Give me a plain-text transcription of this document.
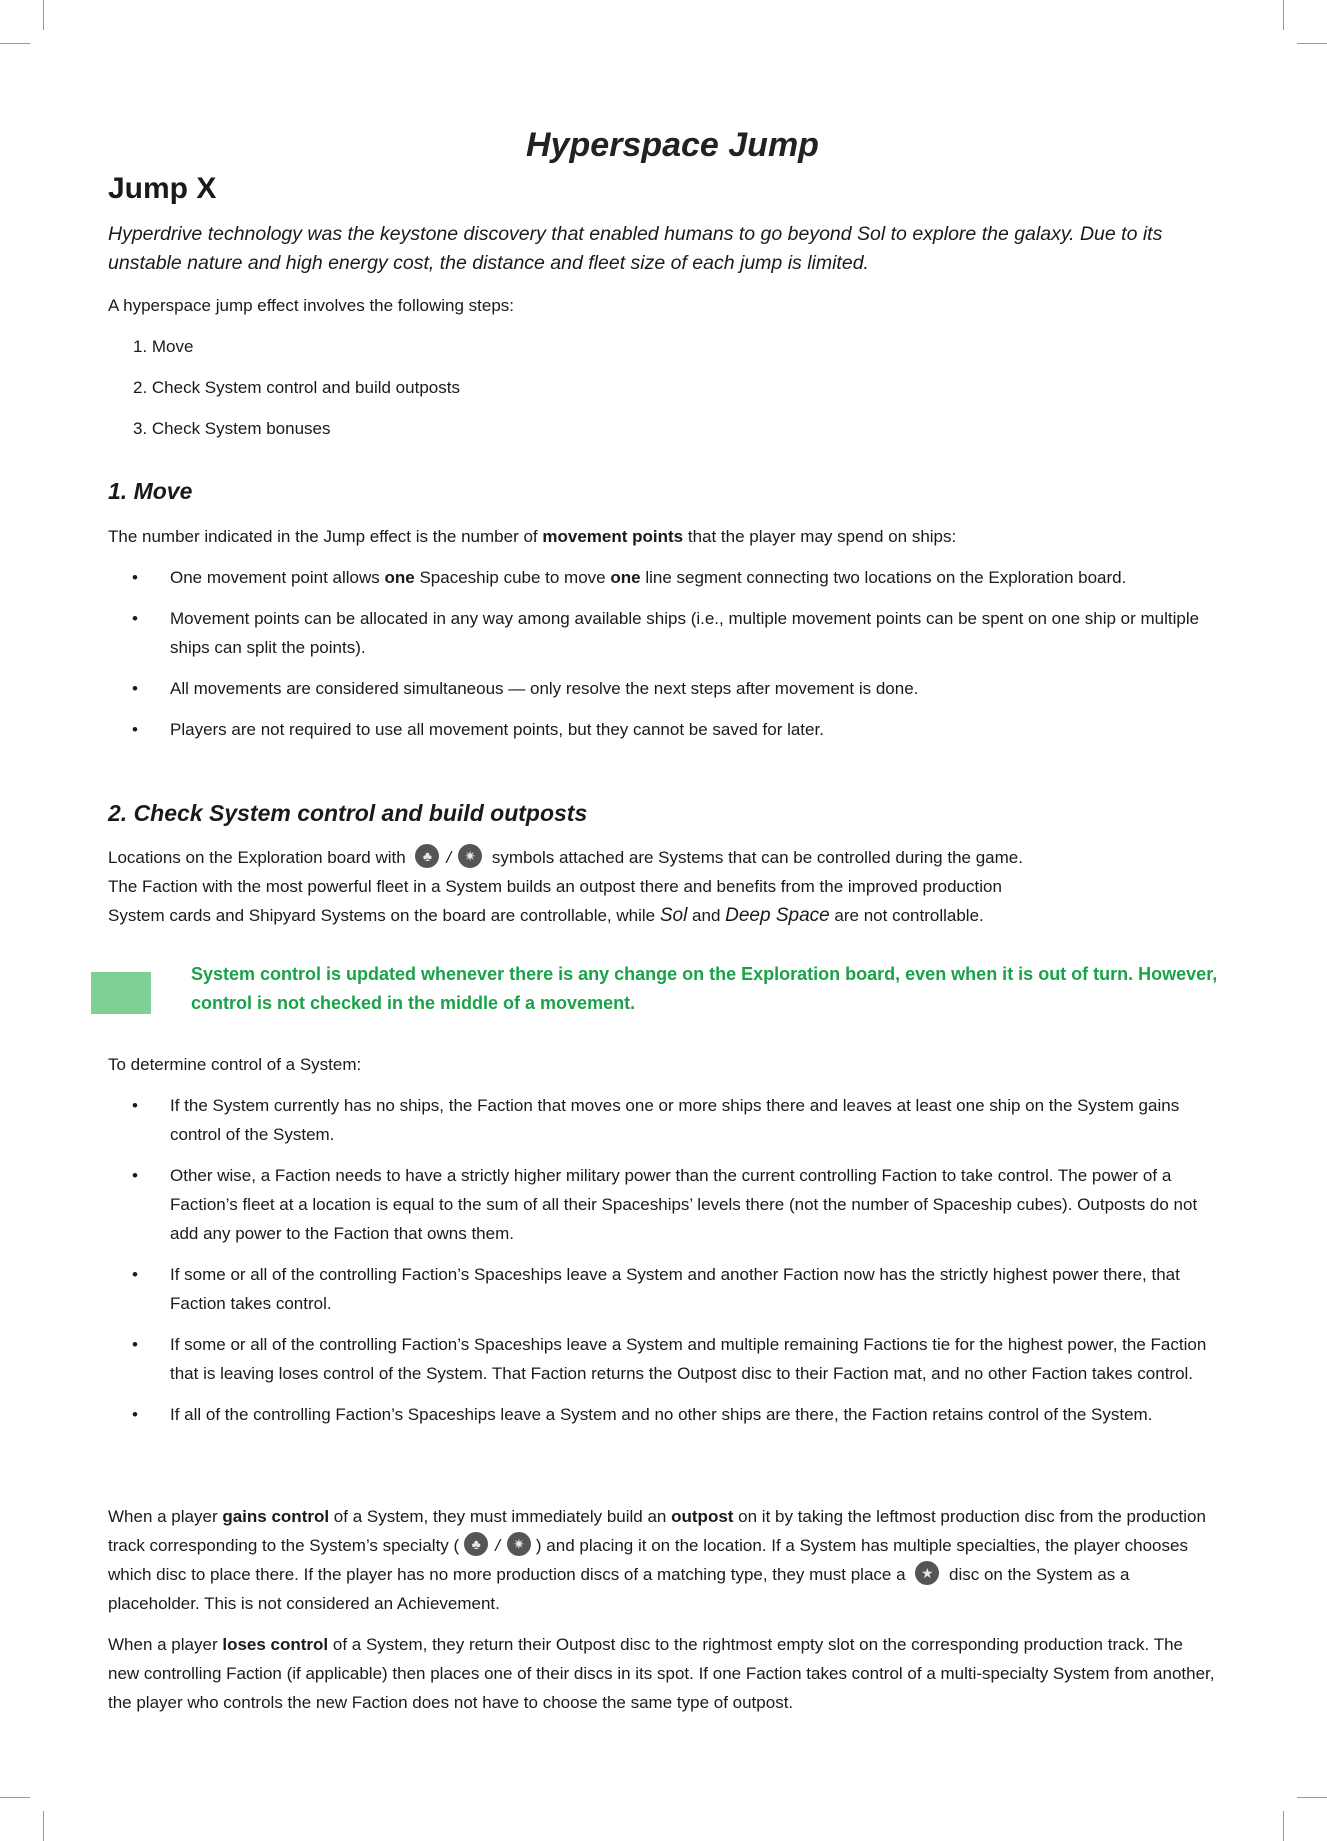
Hyperspace Jump
Jump X

Hyperdrive technology was the keystone discovery that enabled humans to go beyond Sol to explore the galaxy. Due to its unstable nature and high energy cost, the distance and fleet size of each jump is limited.

A hyperspace jump effect involves the following steps:

1. Move
2. Check System control and build outposts
3. Check System bonuses
1. Move

The number indicated in the Jump effect is the number of movement points that the player may spend on ships:

• One movement point allows one Spaceship cube to move one line segment connecting two locations on the Exploration board.
• Movement points can be allocated in any way among available ships (i.e., multiple movement points can be spent on one ship or multiple ships can split the points).
• All movements are considered simultaneous — only resolve the next steps after movement is done.
• Players are not required to use all movement points, but they cannot be saved for later.
2. Check System control and build outposts
Locations on the Exploration board with ♣/✷ symbols attached are Systems that can be controlled during the game.
The Faction with the most powerful fleet in a System builds an outpost there and benefits from the improved production
System cards and Shipyard Systems on the board are controllable, while Sol and Deep Space are not controllable.

System control is updated whenever there is any change on the Exploration board, even when it is out of turn. However, control is not checked in the middle of a movement.

To determine control of a System:

• If the System currently has no ships, the Faction that moves one or more ships there and leaves at least one ship on the System gains control of the System.
• Other wise, a Faction needs to have a strictly higher military power than the current controlling Faction to take control. The power of a Faction’s fleet at a location is equal to the sum of all their Spaceships’ levels there (not the number of Spaceship cubes). Outposts do not add any power to the Faction that owns them.
• If some or all of the controlling Faction’s Spaceships leave a System and another Faction now has the strictly highest power there, that Faction takes control.
• If some or all of the controlling Faction’s Spaceships leave a System and multiple remaining Factions tie for the highest power, the Faction that is leaving loses control of the System. That Faction returns the Outpost disc to their Faction mat, and no other Faction takes control.
• If all of the controlling Faction’s Spaceships leave a System and no other ships are there, the Faction retains control of the System.

When a player gains control of a System, they must immediately build an outpost on it by taking the leftmost production disc from the production track corresponding to the System’s specialty ( ♣ / ✷ ) and placing it on the location. If a System has multiple specialties, the player chooses which disc to place there. If the player has no more production discs of a matching type, they must place a ★ disc on the System as a placeholder. This is not considered an Achievement.

When a player loses control of a System, they return their Outpost disc to the rightmost empty slot on the corresponding production track. The new controlling Faction (if applicable) then places one of their discs in its spot. If one Faction takes control of a multi-specialty System from another, the player who controls the new Faction does not have to choose the same type of outpost.
